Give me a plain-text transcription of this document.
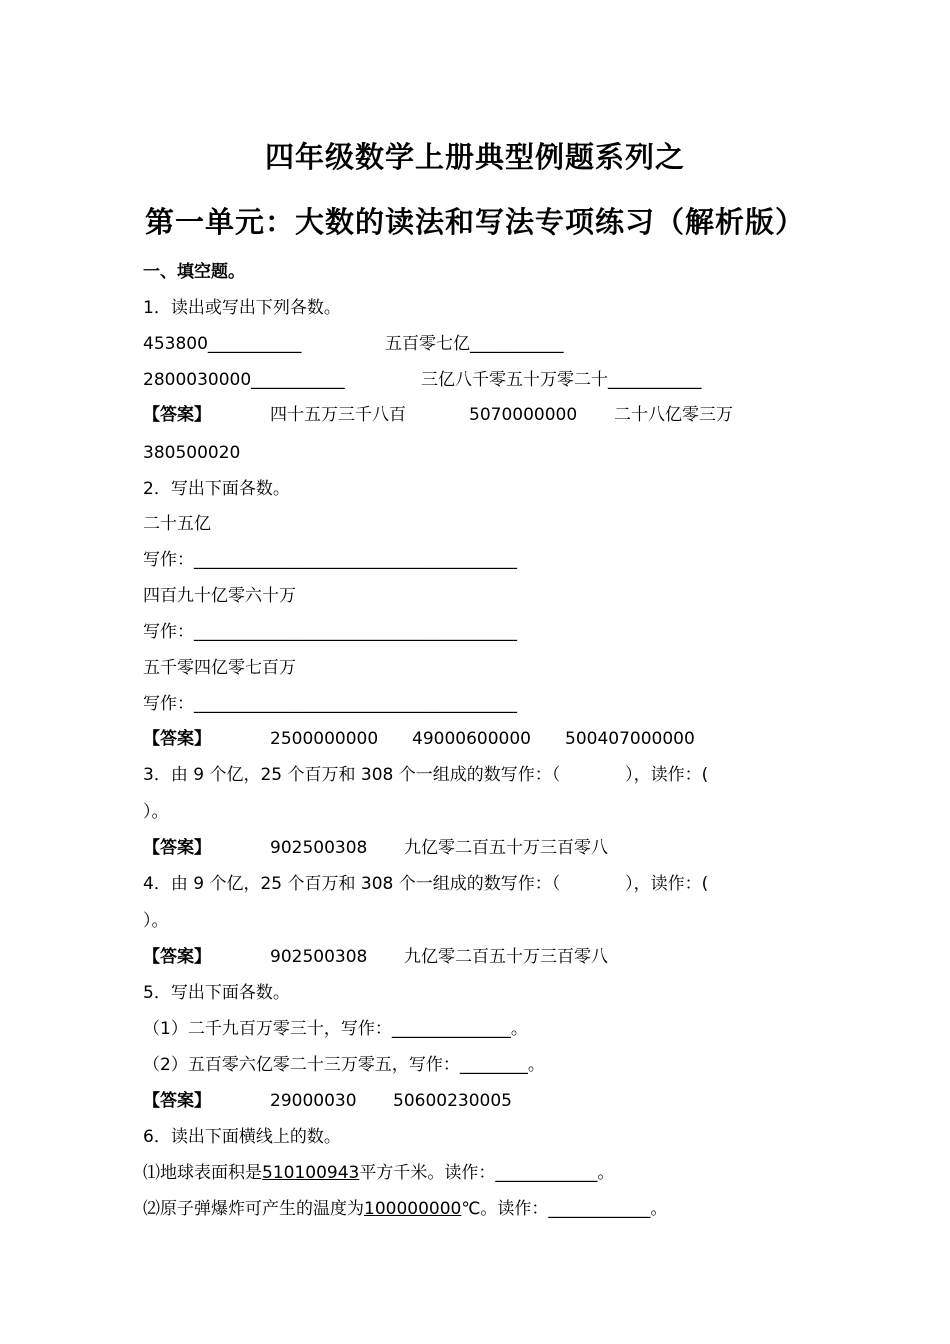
四年级数学上册典型例题系列之
第一单元：大数的读法和写法专项练习（解析版）
一、填空题。
1．读出或写出下列各数。
453800___________	五百零七亿___________
2800030000___________	三亿八千零五十万零二十___________
【答案】	四十五万三千八百	5070000000 二十八亿零三万
380500020
2．写出下面各数。
二十五亿
写作：______________________________________
四百九十亿零六十万
写作：______________________________________
五千零四亿零七百万
写作：______________________________________
【答案】	2500000000 49000600000 500407000000
3．由 9 个亿，25 个百万和 308 个一组成的数写作：（            ），读作：(
）。
【答案】	902500308 九亿零二百五十万三百零八
4．由 9 个亿，25 个百万和 308 个一组成的数写作：（            ），读作：(
）。
【答案】	902500308 九亿零二百五十万三百零八
5．写出下面各数。
（1）二千九百万零三十，写作：______________。
（2）五百零六亿零二十三万零五，写作：________。
【答案】	29000030 50600230005
6．读出下面横线上的数。
⑴地球表面积是510100943平方千米。读作：____________。
⑵原子弹爆炸可产生的温度为100000000℃。读作：____________。
